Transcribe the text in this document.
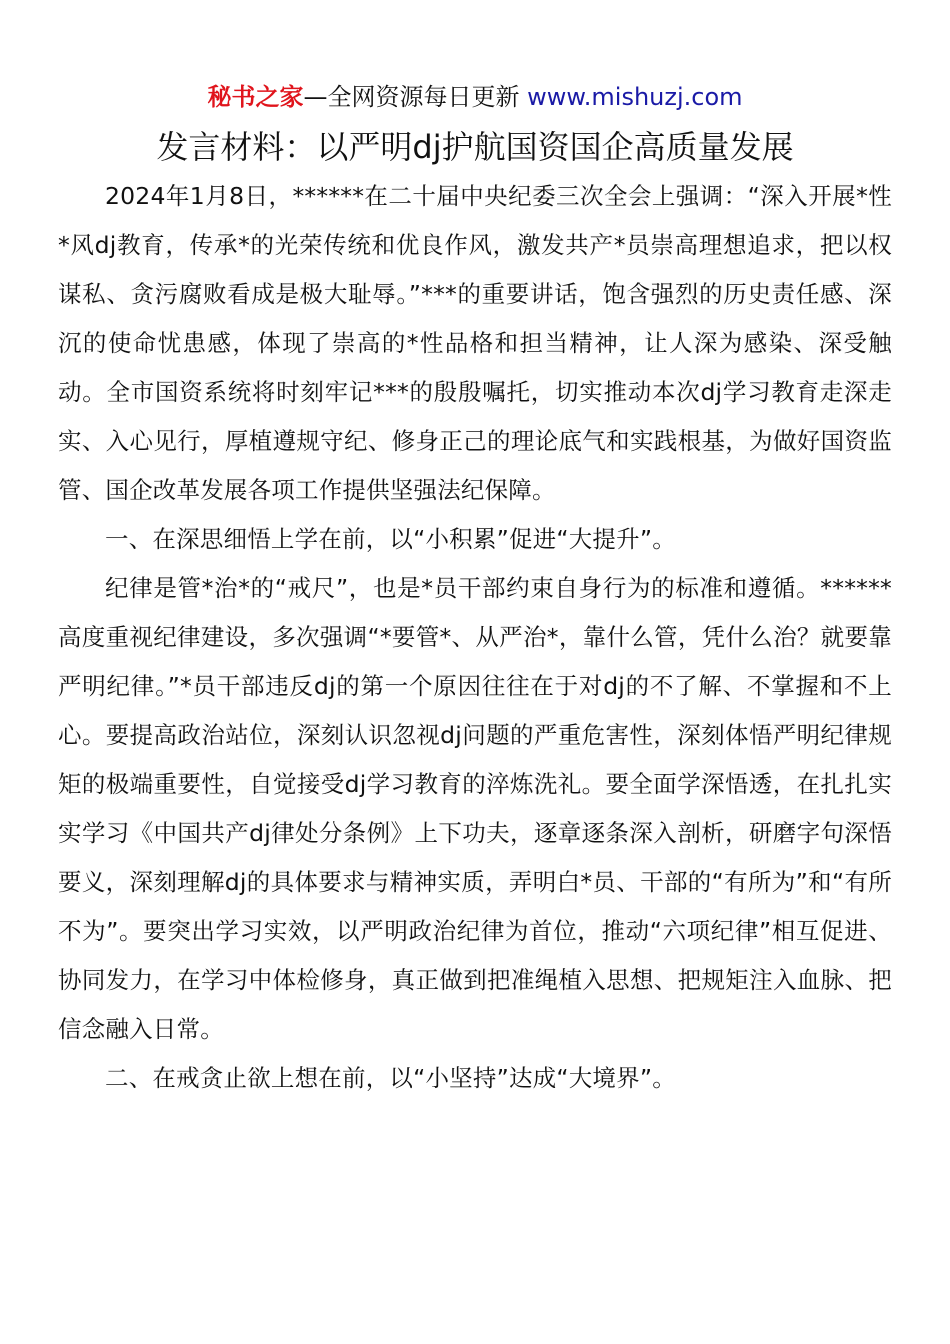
秘书之家—全网资源每日更新 www.mishuzj.com
发言材料：以严明dj护航国资国企高质量发展

2024年1月8日，******在二十届中央纪委三次全会上强调：“深入开展*性*风dj教育，传承*的光荣传统和优良作风，激发共产*员崇高理想追求，把以权谋私、贪污腐败看成是极大耻辱。”***的重要讲话，饱含强烈的历史责任感、深沉的使命忧患感，体现了崇高的*性品格和担当精神，让人深为感染、深受触动。全市国资系统将时刻牢记***的殷殷嘱托，切实推动本次dj学习教育走深走实、入心见行，厚植遵规守纪、修身正己的理论底气和实践根基，为做好国资监管、国企改革发展各项工作提供坚强法纪保障。

一、在深思细悟上学在前，以“小积累”促进“大提升”。

纪律是管*治*的“戒尺”，也是*员干部约束自身行为的标准和遵循。******高度重视纪律建设，多次强调“*要管*、从严治*，靠什么管，凭什么治？就要靠严明纪律。”*员干部违反dj的第一个原因往往在于对dj的不了解、不掌握和不上心。要提高政治站位，深刻认识忽视dj问题的严重危害性，深刻体悟严明纪律规矩的极端重要性，自觉接受dj学习教育的淬炼洗礼。要全面学深悟透，在扎扎实实学习《中国共产dj律处分条例》上下功夫，逐章逐条深入剖析，研磨字句深悟要义，深刻理解dj的具体要求与精神实质，弄明白*员、干部的“有所为”和“有所不为”。要突出学习实效，以严明政治纪律为首位，推动“六项纪律”相互促进、协同发力，在学习中体检修身，真正做到把准绳植入思想、把规矩注入血脉、把信念融入日常。

二、在戒贪止欲上想在前，以“小坚持”达成“大境界”。
